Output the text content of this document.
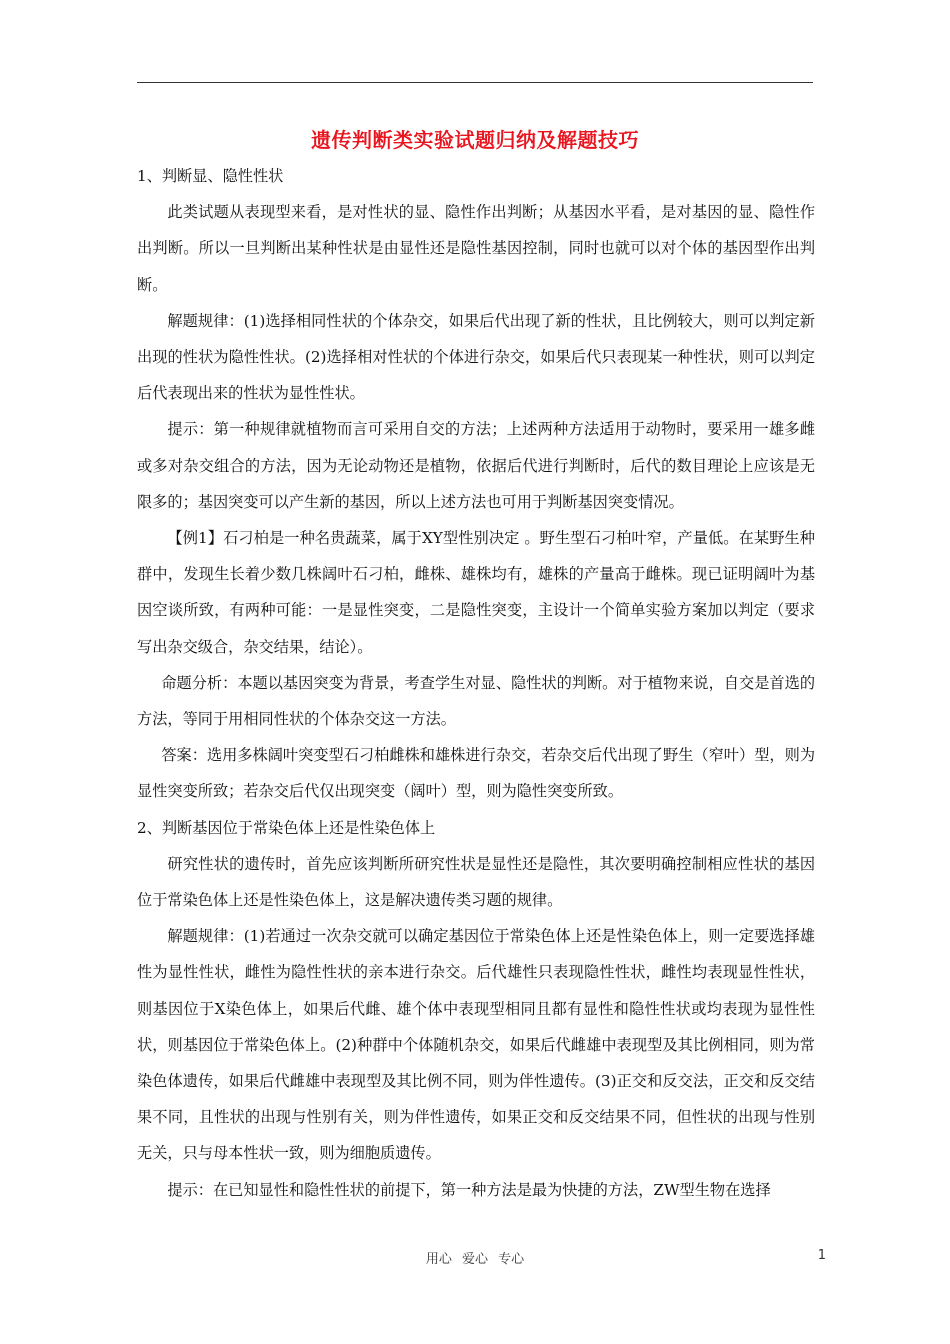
遗传判断类实验试题归纳及解题技巧

1、判断显、隐性性状

此类试题从表现型来看，是对性状的显、隐性作出判断；从基因水平看，是对基因的显、隐性作出判断。所以一旦判断出某种性状是由显性还是隐性基因控制，同时也就可以对个体的基因型作出判断。

解题规律：(1)选择相同性状的个体杂交，如果后代出现了新的性状，且比例较大，则可以判定新出现的性状为隐性性状。(2)选择相对性状的个体进行杂交，如果后代只表现某一种性状，则可以判定后代表现出来的性状为显性性状。

提示：第一种规律就植物而言可采用自交的方法；上述两种方法适用于动物时，要采用一雄多雌或多对杂交组合的方法，因为无论动物还是植物，依据后代进行判断时，后代的数目理论上应该是无限多的；基因突变可以产生新的基因，所以上述方法也可用于判断基因突变情况。

【例1】石刁柏是一种名贵蔬菜，属于XY型性别决定 。野生型石刁柏叶窄，产量低。在某野生种群中，发现生长着少数几株阔叶石刁柏，雌株、雄株均有，雄株的产量高于雌株。现已证明阔叶为基因空谈所致，有两种可能：一是显性突变，二是隐性突变，主设计一个简单实验方案加以判定（要求写出杂交级合，杂交结果，结论）。

命题分析：本题以基因突变为背景，考查学生对显、隐性状的判断。对于植物来说，自交是首选的方法，等同于用相同性状的个体杂交这一方法。

答案：选用多株阔叶突变型石刁柏雌株和雄株进行杂交，若杂交后代出现了野生（窄叶）型，则为显性突变所致；若杂交后代仅出现突变（阔叶）型，则为隐性突变所致。

2、判断基因位于常染色体上还是性染色体上

研究性状的遗传时，首先应该判断所研究性状是显性还是隐性，其次要明确控制相应性状的基因位于常染色体上还是性染色体上，这是解决遗传类习题的规律。

解题规律：(1)若通过一次杂交就可以确定基因位于常染色体上还是性染色体上，则一定要选择雄性为显性性状，雌性为隐性性状的亲本进行杂交。后代雄性只表现隐性性状，雌性均表现显性性状，则基因位于X染色体上，如果后代雌、雄个体中表现型相同且都有显性和隐性性状或均表现为显性性状，则基因位于常染色体上。(2)种群中个体随机杂交，如果后代雌雄中表现型及其比例相同，则为常染色体遗传，如果后代雌雄中表现型及其比例不同，则为伴性遗传。(3)正交和反交法，正交和反交结果不同，且性状的出现与性别有关，则为伴性遗传，如果正交和反交结果不同，但性状的出现与性别无关，只与母本性状一致，则为细胞质遗传。

提示：在已知显性和隐性性状的前提下，第一种方法是最为快捷的方法，ZW型生物在选择

用心 爱心 专心	1
